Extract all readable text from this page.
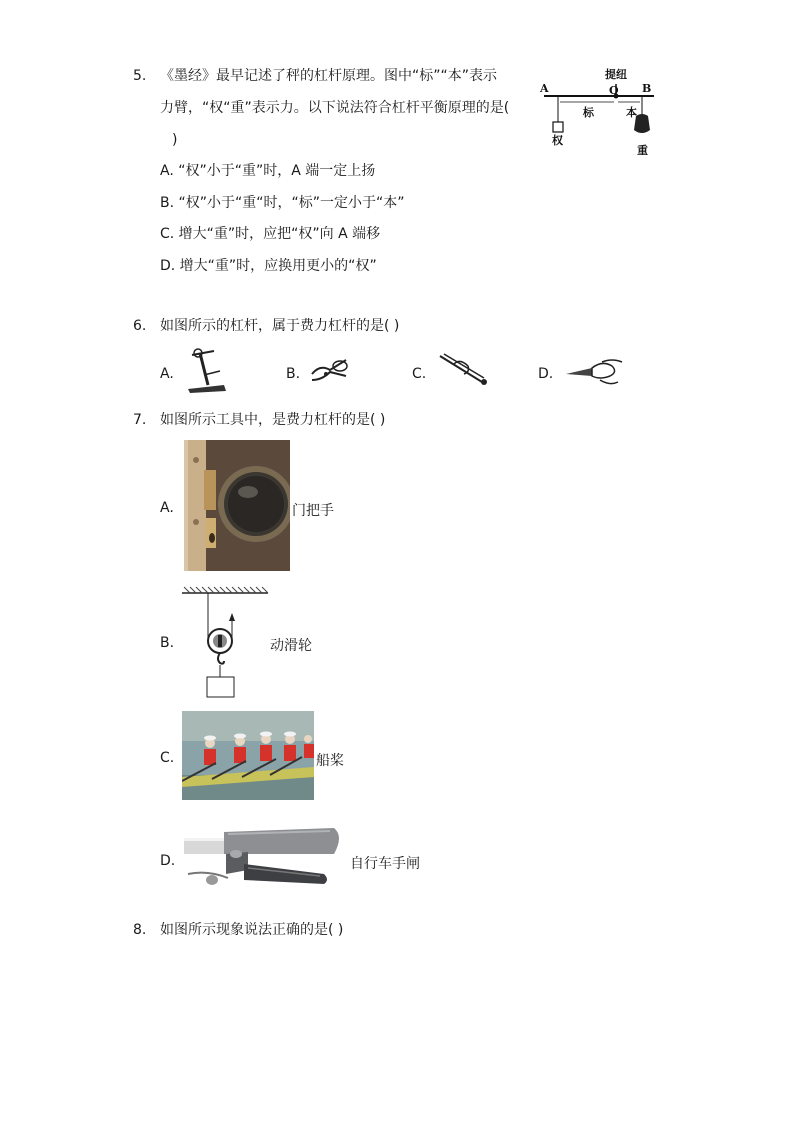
5. 《墨经》最早记述了秤的杠杆原理。图中“标”“本”表示
力臂，“权“重”表示力。以下说法符合杠杆平衡原理的是(
)
A. “权”小于“重”时，A 端一定上扬
B. “权”小于“重“时，“标”一定小于“本”
C. 增大“重”时，应把“权”向 A 端移
D. 增大“重”时，应换用更小的“权”
A	B
O
提纽
标	本
权
重
6. 如图所示的杠杆，属于费力杠杆的是( )
A.	B.	C.	D.
7. 如图所示工具中，是费力杠杆的是( )
A.	门把手
B.	动滑轮
C.	船桨
D.	自行车手闸
8. 如图所示现象说法正确的是( )
